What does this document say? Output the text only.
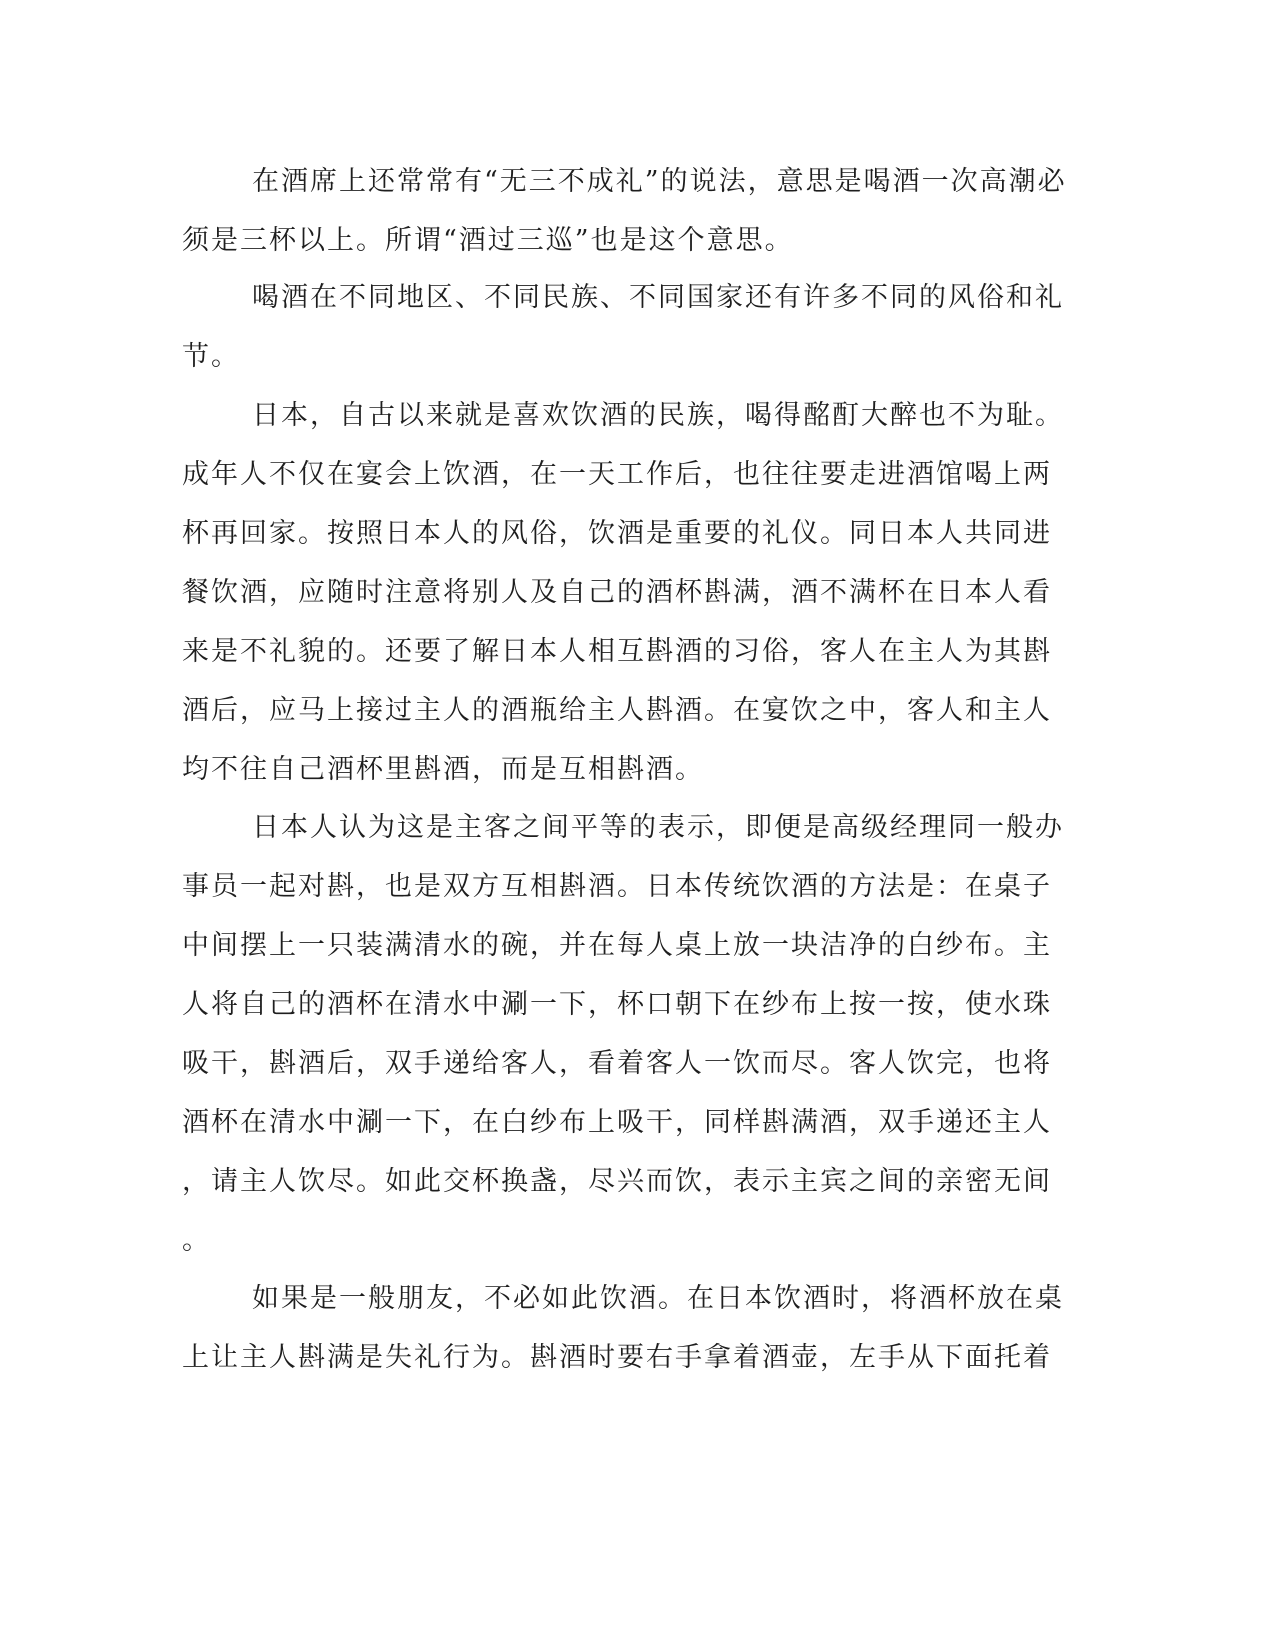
在酒席上还常常有“无三不成礼”的说法，意思是喝酒一次高潮必

须是三杯以上。所谓“酒过三巡”也是这个意思。

喝酒在不同地区、不同民族、不同国家还有许多不同的风俗和礼

节。

日本，自古以来就是喜欢饮酒的民族，喝得酩酊大醉也不为耻。

成年人不仅在宴会上饮酒，在一天工作后，也往往要走进酒馆喝上两

杯再回家。按照日本人的风俗，饮酒是重要的礼仪。同日本人共同进

餐饮酒，应随时注意将别人及自己的酒杯斟满，酒不满杯在日本人看

来是不礼貌的。还要了解日本人相互斟酒的习俗，客人在主人为其斟

酒后，应马上接过主人的酒瓶给主人斟酒。在宴饮之中，客人和主人

均不往自己酒杯里斟酒，而是互相斟酒。

日本人认为这是主客之间平等的表示，即便是高级经理同一般办

事员一起对斟，也是双方互相斟酒。日本传统饮酒的方法是：在桌子

中间摆上一只装满清水的碗，并在每人桌上放一块洁净的白纱布。主

人将自己的酒杯在清水中涮一下，杯口朝下在纱布上按一按，使水珠

吸干，斟酒后，双手递给客人，看着客人一饮而尽。客人饮完，也将

酒杯在清水中涮一下，在白纱布上吸干，同样斟满酒，双手递还主人

，请主人饮尽。如此交杯换盏，尽兴而饮，表示主宾之间的亲密无间

。

如果是一般朋友，不必如此饮酒。在日本饮酒时，将酒杯放在桌

上让主人斟满是失礼行为。斟酒时要右手拿着酒壶，左手从下面托着
